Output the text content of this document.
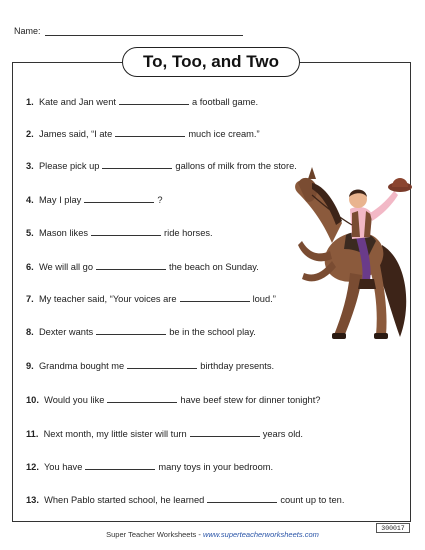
Name:
To, Too, and Two
1. Kate and Jan went	a football game.
2. James said, “I ate	much ice cream.”
3. Please pick up	gallons of milk from the store.
4. May I play	?
5. Mason likes	ride horses.
6. We will all go	the beach on Sunday.
7. My teacher said, “Your voices are	loud.”
8. Dexter wants	be in the school play.
9. Grandma bought me	birthday presents.
10. Would you like	have beef stew for dinner tonight?
11. Next month, my little sister will turn	years old.
12. You have	many toys in your bedroom.
13. When Pablo started school, he learned	count up to ten.
Super Teacher Worksheets - www.superteacherworksheets.com
300017
